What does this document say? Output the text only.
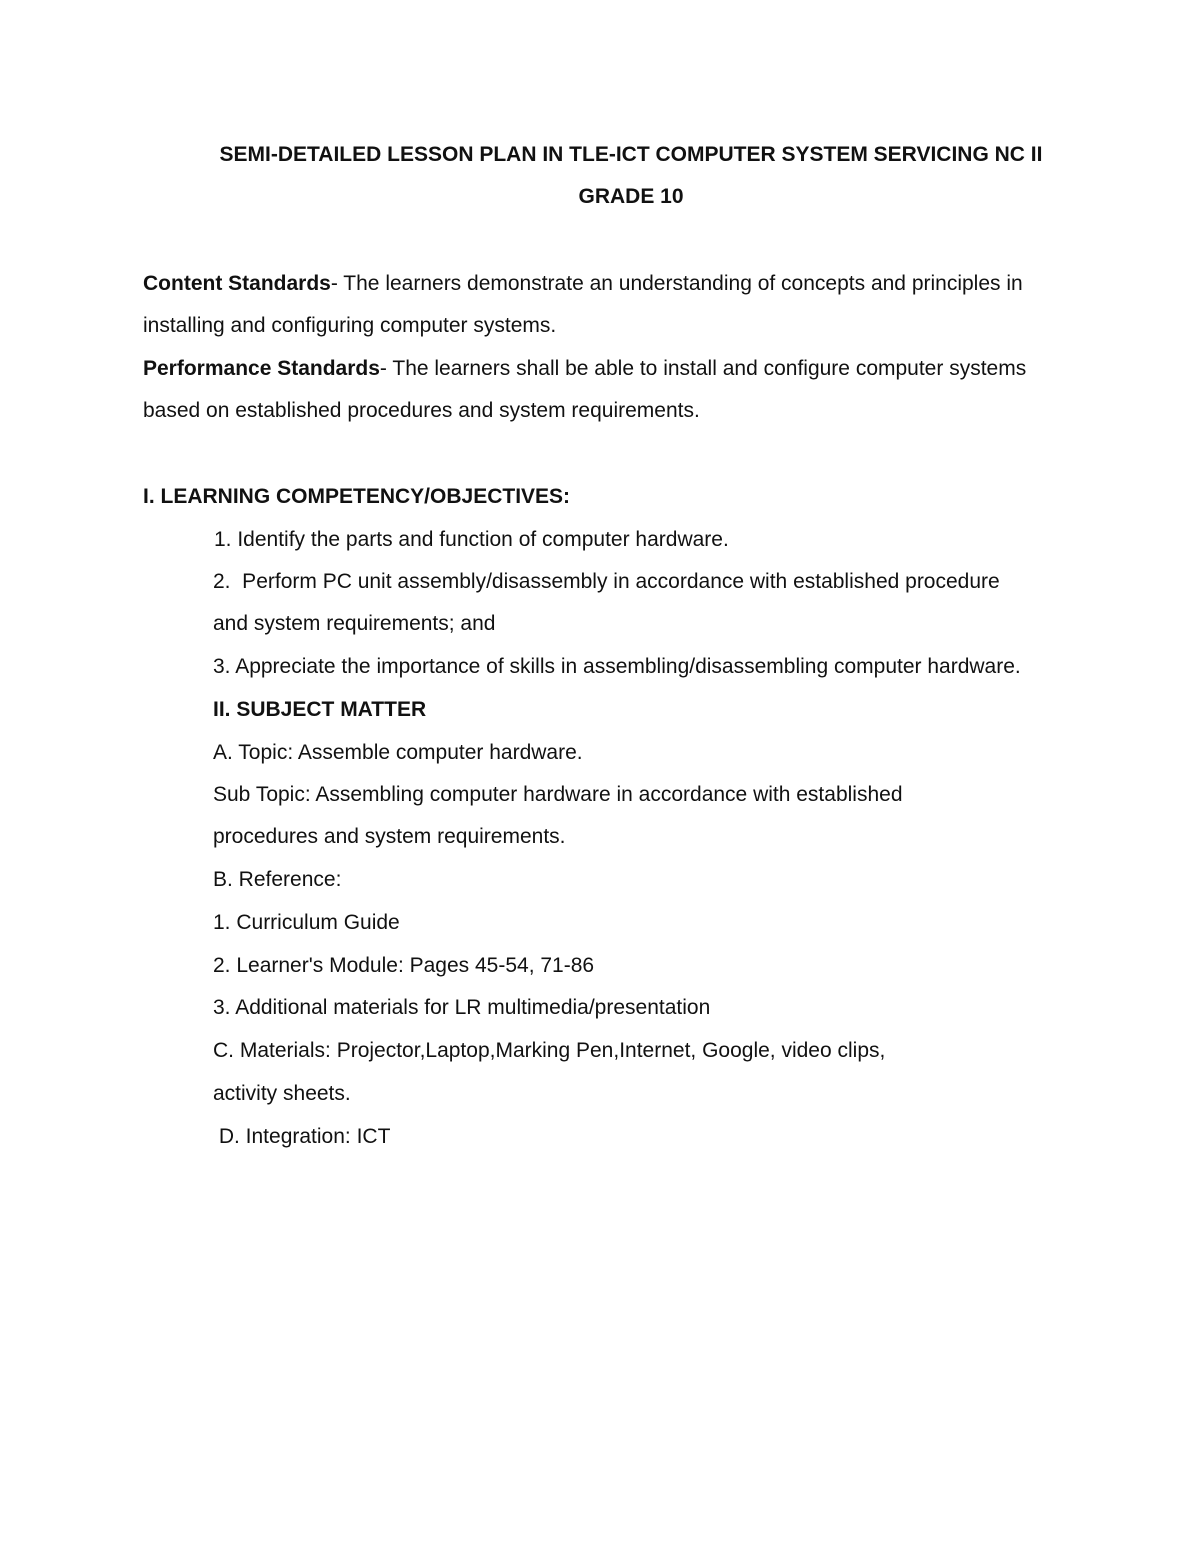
SEMI-DETAILED LESSON PLAN IN TLE-ICT COMPUTER SYSTEM SERVICING NC II
GRADE 10
Content Standards- The learners demonstrate an understanding of concepts and principles in
installing and configuring computer systems.
Performance Standards- The learners shall be able to install and configure computer systems
based on established procedures and system requirements.
I. LEARNING COMPETENCY/OBJECTIVES:
1. Identify the parts and function of computer hardware.
2.  Perform PC unit assembly/disassembly in accordance with established procedure
and system requirements; and
3. Appreciate the importance of skills in assembling/disassembling computer hardware.
II. SUBJECT MATTER
A. Topic: Assemble computer hardware.
Sub Topic: Assembling computer hardware in accordance with established
procedures and system requirements.
B. Reference:
1. Curriculum Guide
2. Learner's Module: Pages 45-54, 71-86
3. Additional materials for LR multimedia/presentation
C. Materials: Projector,Laptop,Marking Pen,Internet, Google, video clips,
activity sheets.
D. Integration: ICT
